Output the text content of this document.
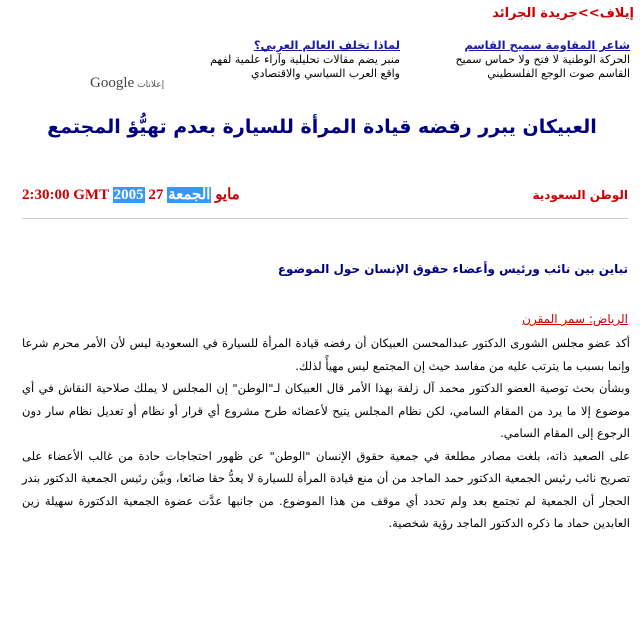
إيلاف>>جريدة الجرائد
شاعر المقاومة سميح القاسم
الحركة الوطنية لا فتح ولا حماس سميح القاسم صوت الوجع الفلسطيني
لماذا تخلف العالم العربي؟
منبر يضم مقالات تحليلية وآراء علمية لفهم واقع العرب السياسي والاقتصادي
Google إعلانات
العبيكان يبرر رفضه قيادة المرأة للسيارة بعدم تهيُّؤ المجتمع
الوطن السعودية
2:30:00 GMT 2005 27 مايو الجمعة
تباين بين نائب ورئيس وأعضاء حقوق الإنسان حول الموضوع
الرياض: سمر المقرن

أكد عضو مجلس الشورى الدكتور عبدالمحسن العبيكان أن رفضه قيادة المرأة للسيارة في السعودية ليس لأن الأمر محرم شرعا وإنما بسبب ما يترتب عليه من مفاسد حيث إن المجتمع ليس مهيأً لذلك.

وبشأن بحث توصية العضو الدكتور محمد آل زلفة بهذا الأمر قال العبيكان لـ"الوطن" إن المجلس لا يملك صلاحية النقاش في أي موضوع إلا ما يرد من المقام السامي، لكن نظام المجلس يتيح لأعضائه طرح مشروع أي قرار أو نظام أو تعديل نظام سار دون الرجوع إلى المقام السامي.

على الصعيد ذاته، بلغت مصادر مطلعة في جمعية حقوق الإنسان "الوطن" عن ظهور احتجاجات حادة من غالب الأعضاء على تصريح نائب رئيس الجمعية الدكتور حمد الماجد من أن منع قيادة المرأة للسيارة لا يعدُّ حقا ضائعا، وبيَّن رئيس الجمعية الدكتور بندر الحجار أن الجمعية لم تجتمع بعد ولم تحدد أي موقف من هذا الموضوع. من جانبها عدَّت عضوة الجمعية الدكتورة سهيلة زين العابدين حماد ما ذكره الدكتور الماجد رؤية شخصية.
